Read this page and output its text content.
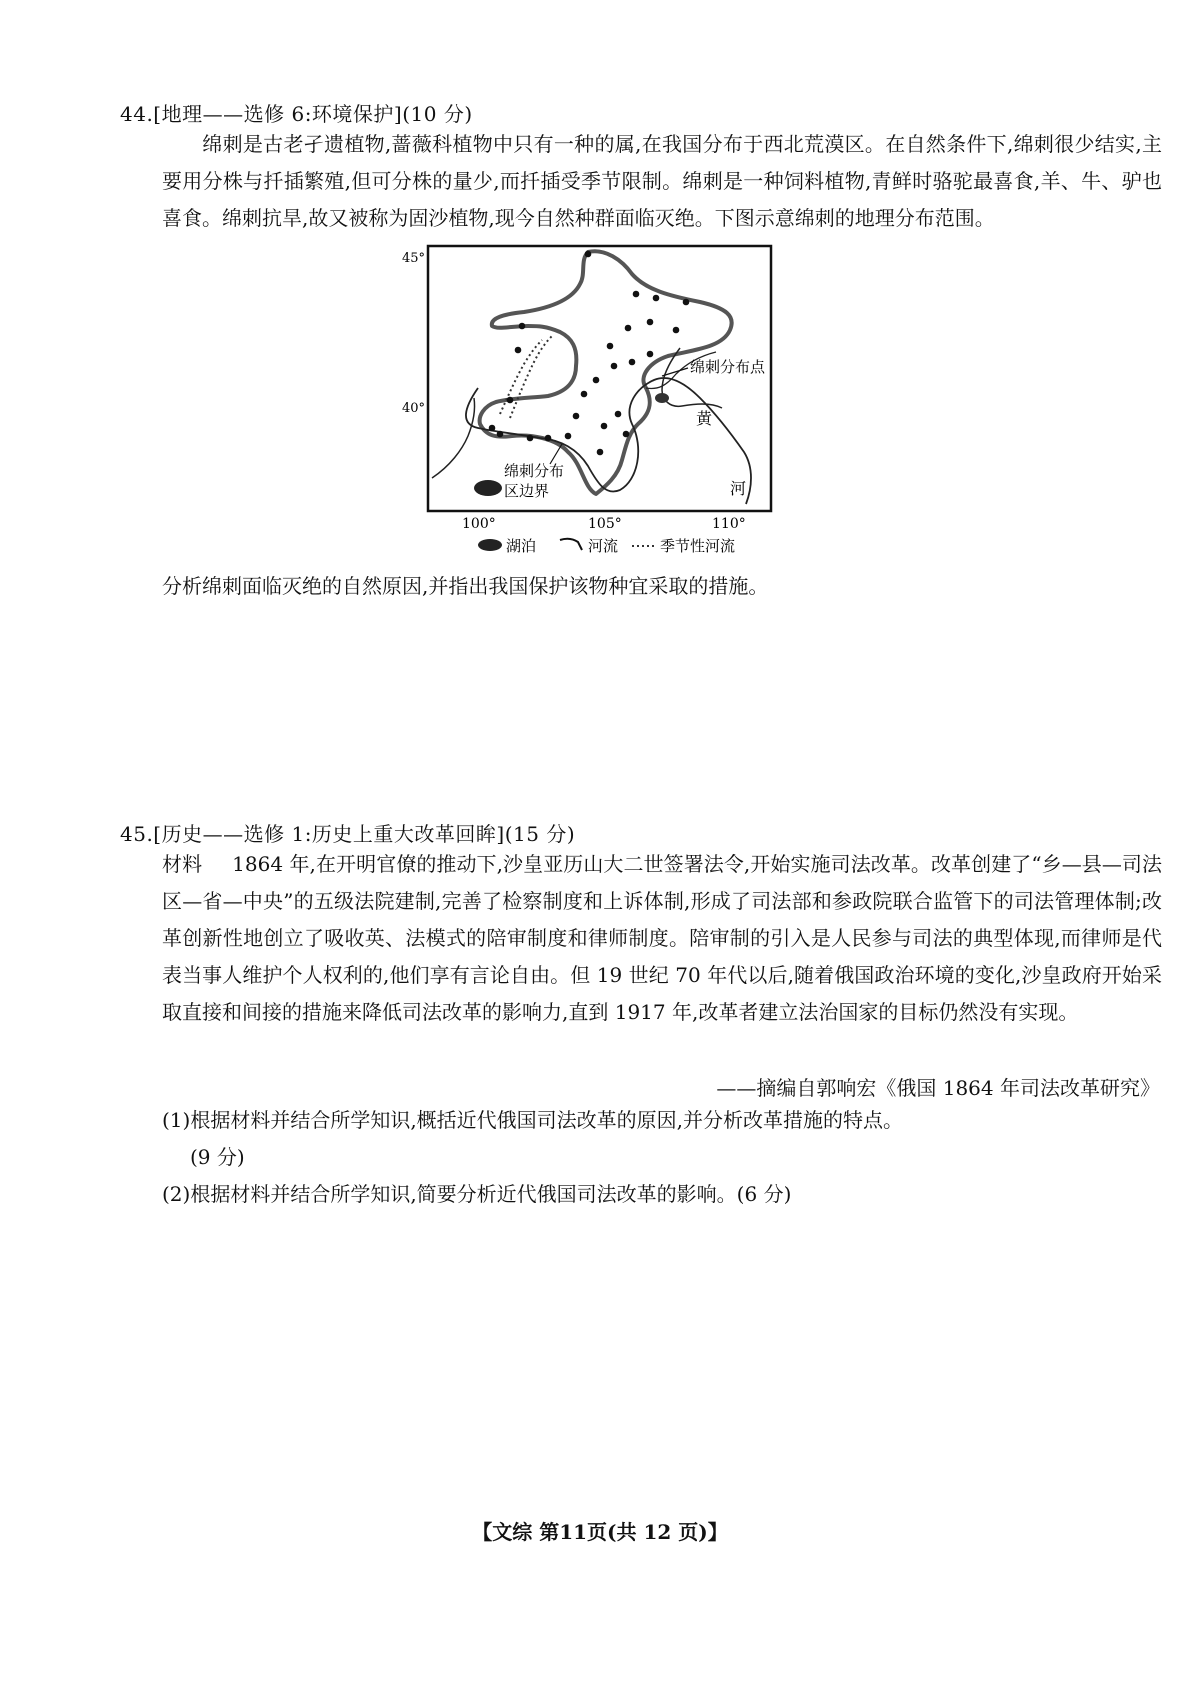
44.[地理——选修 6:环境保护](10 分)
绵刺是古老孑遗植物,蔷薇科植物中只有一种的属,在我国分布于西北荒漠区。在自然条件下,绵刺很少结实,主要用分株与扦插繁殖,但可分株的量少,而扦插受季节限制。绵刺是一种饲料植物,青鲜时骆驼最喜食,羊、牛、驴也喜食。绵刺抗旱,故又被称为固沙植物,现今自然种群面临灭绝。下图示意绵刺的地理分布范围。
45°
40°
100°	105°	110°
绵刺分布点
绵刺分布
区边界
黄
河
湖泊	河流	季节性河流
分析绵刺面临灭绝的自然原因,并指出我国保护该物种宜采取的措施。
45.[历史——选修 1:历史上重大改革回眸](15 分)
材料 1864 年,在开明官僚的推动下,沙皇亚历山大二世签署法令,开始实施司法改革。改革创建了“乡—县—司法区—省—中央”的五级法院建制,完善了检察制度和上诉体制,形成了司法部和参政院联合监管下的司法管理体制;改革创新性地创立了吸收英、法模式的陪审制度和律师制度。陪审制的引入是人民参与司法的典型体现,而律师是代表当事人维护个人权利的,他们享有言论自由。但 19 世纪 70 年代以后,随着俄国政治环境的变化,沙皇政府开始采取直接和间接的措施来降低司法改革的影响力,直到 1917 年,改革者建立法治国家的目标仍然没有实现。
——摘编自郭响宏《俄国 1864 年司法改革研究》
(1)根据材料并结合所学知识,概括近代俄国司法改革的原因,并分析改革措施的特点。
(9 分)
(2)根据材料并结合所学知识,简要分析近代俄国司法改革的影响。(6 分)
【文综 第11页(共 12 页)】
